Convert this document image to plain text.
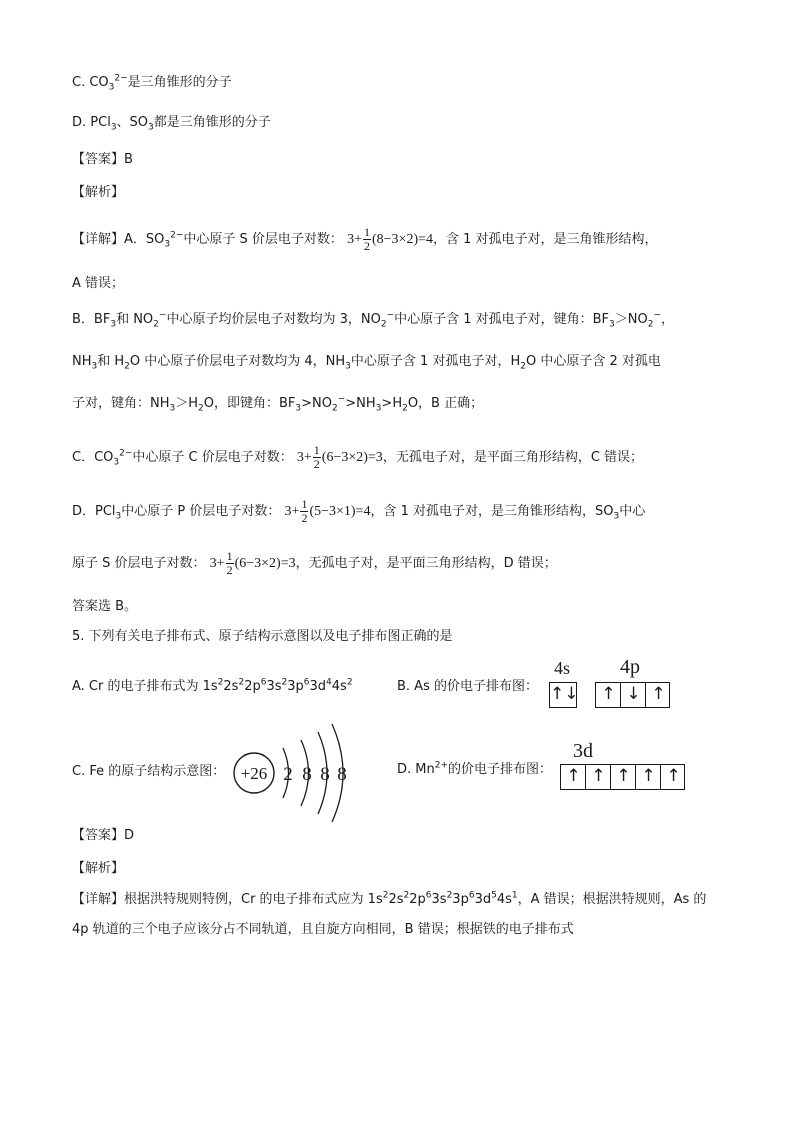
C. $CO_3^{2-}$是三角锥形的分子
D. PCl$_3$、$SO_3$都是三角锥形的分子
【答案】B
【解析】
【详解】A．$SO_3^{2-}$中心原子 S 价层电子对数： $3+ \frac{1}{2} (8-3\times 2)=4$，含 1 对孤电子对，是三角锥形结构，
A 错误；
B．$BF_3$和 $NO_2^-$中心原子均价层电子对数均为 3，$NO_2^-$中心原子含 1 对孤电子对，键角：$BF_3>NO_2^-$，
$NH_3$和 $H_2O$ 中心原子价层电子对数均为 4，$NH_3$中心原子含 1 对孤电子对，$H_2O$ 中心原子含 2 对孤电
子对，键角：$NH_3>H_2O$，即键角：$BF_3>NO_2^->NH_3>H_2O$，B 正确；
C．$CO_3^{2-}$中心原子 C 价层电子对数： $3+ \frac{1}{2} (6-3\times 2)=3$，无孤电子对，是平面三角形结构，C 错误；
D．PCl$_3$中心原子 P 价层电子对数： $3+ \frac{1}{2} (5-3\times 1)=4$，含 1 对孤电子对，是三角锥形结构，$SO_3$中心
原子 S 价层电子对数： $3+ \frac{1}{2} (6-3\times 2)=3$，无孤电子对，是平面三角形结构，D 错误；
答案选 B。
5. 下列有关电子排布式、原子结构示意图以及电子排布图正确的是
A. Cr 的电子排布式为 $1s^22s^22p^63s^23p^63d^44s^2$	B. As 的价电子排布图：
4s
↑↓
4p
↑ ↓ ↑
C. Fe 的原子结构示意图： +26 2 8 8 8	D. $Mn^{2+}$的价电子排布图：
3d
↑ ↑ ↑ ↑ ↑
【答案】D
【解析】
【详解】根据洪特规则特例，Cr 的电子排布式应为 $1s^22s^22p^63s^23p^63d^54s^1$，A 错误；根据洪特规则，As 的
4p 轨道的三个电子应该分占不同轨道，且自旋方向相同，B 错误；根据铁的电子排布式
